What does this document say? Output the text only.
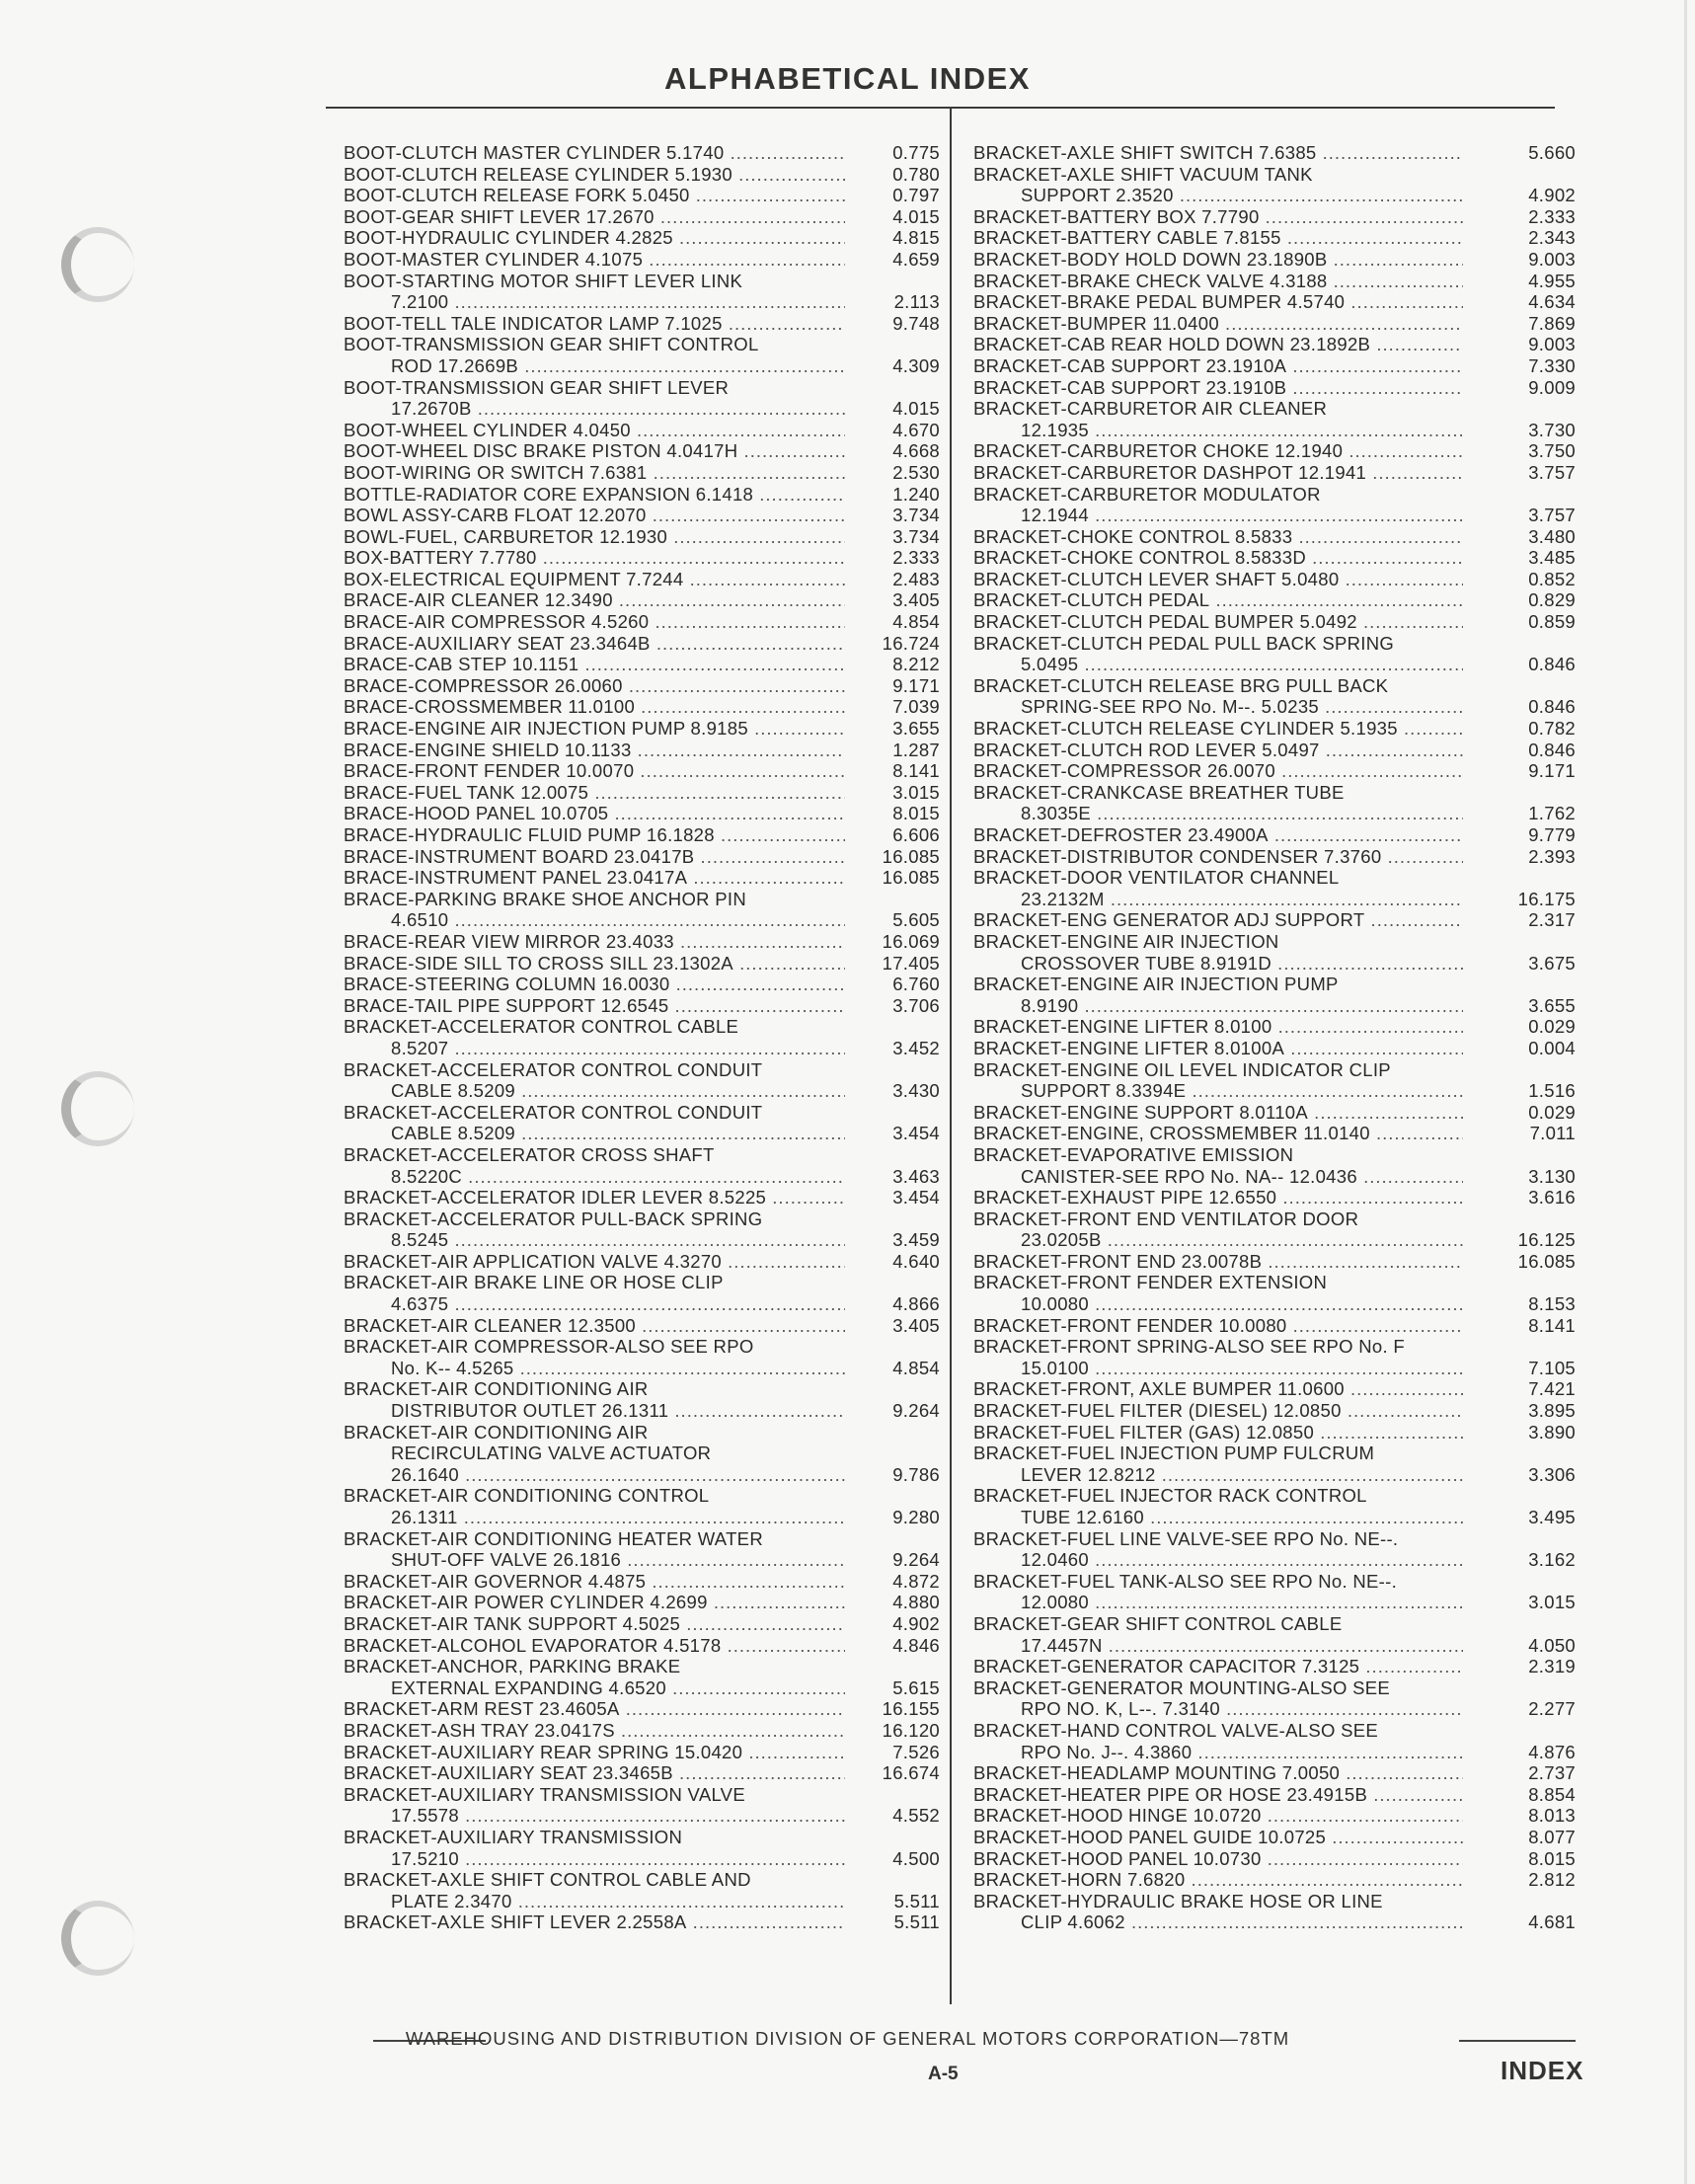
ALPHABETICAL INDEX
BOOT-CLUTCH MASTER CYLINDER 5.1740 .....	0.775
BOOT-CLUTCH RELEASE CYLINDER 5.1930 .....	0.780
BOOT-CLUTCH RELEASE FORK 5.0450 .....	0.797
BOOT-GEAR SHIFT LEVER 17.2670 .....	4.015
BOOT-HYDRAULIC CYLINDER 4.2825 .....	4.815
BOOT-MASTER CYLINDER 4.1075 .....	4.659
BOOT-STARTING MOTOR SHIFT LEVER LINK
7.2100 .....	2.113
BOOT-TELL TALE INDICATOR LAMP 7.1025 .....	9.748
BOOT-TRANSMISSION GEAR SHIFT CONTROL
ROD 17.2669B .....	4.309
BOOT-TRANSMISSION GEAR SHIFT LEVER
17.2670B .....	4.015
BOOT-WHEEL CYLINDER 4.0450 .....	4.670
BOOT-WHEEL DISC BRAKE PISTON 4.0417H .....	4.668
BOOT-WIRING OR SWITCH 7.6381 .....	2.530
BOTTLE-RADIATOR CORE EXPANSION 6.1418 .....	1.240
BOWL ASSY-CARB FLOAT 12.2070 .....	3.734
BOWL-FUEL, CARBURETOR 12.1930 .....	3.734
BOX-BATTERY 7.7780 .....	2.333
BOX-ELECTRICAL EQUIPMENT 7.7244 .....	2.483
BRACE-AIR CLEANER 12.3490 .....	3.405
BRACE-AIR COMPRESSOR 4.5260 .....	4.854
BRACE-AUXILIARY SEAT 23.3464B .....	16.724
BRACE-CAB STEP 10.1151 .....	8.212
BRACE-COMPRESSOR 26.0060 .....	9.171
BRACE-CROSSMEMBER 11.0100 .....	7.039
BRACE-ENGINE AIR INJECTION PUMP 8.9185 .....	3.655
BRACE-ENGINE SHIELD 10.1133 .....	1.287
BRACE-FRONT FENDER 10.0070 .....	8.141
BRACE-FUEL TANK 12.0075 .....	3.015
BRACE-HOOD PANEL 10.0705 .....	8.015
BRACE-HYDRAULIC FLUID PUMP 16.1828 .....	6.606
BRACE-INSTRUMENT BOARD 23.0417B .....	16.085
BRACE-INSTRUMENT PANEL 23.0417A .....	16.085
BRACE-PARKING BRAKE SHOE ANCHOR PIN
4.6510 .....	5.605
BRACE-REAR VIEW MIRROR 23.4033 .....	16.069
BRACE-SIDE SILL TO CROSS SILL 23.1302A .....	17.405
BRACE-STEERING COLUMN 16.0030 .....	6.760
BRACE-TAIL PIPE SUPPORT 12.6545 .....	3.706
BRACKET-ACCELERATOR CONTROL CABLE
8.5207 .....	3.452
BRACKET-ACCELERATOR CONTROL CONDUIT
CABLE 8.5209 .....	3.430
BRACKET-ACCELERATOR CONTROL CONDUIT
CABLE 8.5209 .....	3.454
BRACKET-ACCELERATOR CROSS SHAFT
8.5220C .....	3.463
BRACKET-ACCELERATOR IDLER LEVER 8.5225 .....	3.454
BRACKET-ACCELERATOR PULL-BACK SPRING
8.5245 .....	3.459
BRACKET-AIR APPLICATION VALVE 4.3270 .....	4.640
BRACKET-AIR BRAKE LINE OR HOSE CLIP
4.6375 .....	4.866
BRACKET-AIR CLEANER 12.3500 .....	3.405
BRACKET-AIR COMPRESSOR-ALSO SEE RPO
No. K-- 4.5265 .....	4.854
BRACKET-AIR CONDITIONING AIR
DISTRIBUTOR OUTLET 26.1311 .....	9.264
BRACKET-AIR CONDITIONING AIR
RECIRCULATING VALVE ACTUATOR
26.1640 .....	9.786
BRACKET-AIR CONDITIONING CONTROL
26.1311 .....	9.280
BRACKET-AIR CONDITIONING HEATER WATER
SHUT-OFF VALVE 26.1816 .....	9.264
BRACKET-AIR GOVERNOR 4.4875 .....	4.872
BRACKET-AIR POWER CYLINDER 4.2699 .....	4.880
BRACKET-AIR TANK SUPPORT 4.5025 .....	4.902
BRACKET-ALCOHOL EVAPORATOR 4.5178 .....	4.846
BRACKET-ANCHOR, PARKING BRAKE
EXTERNAL EXPANDING 4.6520 .....	5.615
BRACKET-ARM REST 23.4605A .....	16.155
BRACKET-ASH TRAY 23.0417S .....	16.120
BRACKET-AUXILIARY REAR SPRING 15.0420 .....	7.526
BRACKET-AUXILIARY SEAT 23.3465B .....	16.674
BRACKET-AUXILIARY TRANSMISSION VALVE
17.5578 .....	4.552
BRACKET-AUXILIARY TRANSMISSION
17.5210 .....	4.500
BRACKET-AXLE SHIFT CONTROL CABLE AND
PLATE 2.3470 .....	5.511
BRACKET-AXLE SHIFT LEVER 2.2558A .....	5.511
BRACKET-AXLE SHIFT SWITCH 7.6385 .....	5.660
BRACKET-AXLE SHIFT VACUUM TANK
SUPPORT 2.3520 .....	4.902
BRACKET-BATTERY BOX 7.7790 .....	2.333
BRACKET-BATTERY CABLE 7.8155 .....	2.343
BRACKET-BODY HOLD DOWN 23.1890B .....	9.003
BRACKET-BRAKE CHECK VALVE 4.3188 .....	4.955
BRACKET-BRAKE PEDAL BUMPER 4.5740 .....	4.634
BRACKET-BUMPER 11.0400 .....	7.869
BRACKET-CAB REAR HOLD DOWN 23.1892B .....	9.003
BRACKET-CAB SUPPORT 23.1910A .....	7.330
BRACKET-CAB SUPPORT 23.1910B .....	9.009
BRACKET-CARBURETOR AIR CLEANER
12.1935 .....	3.730
BRACKET-CARBURETOR CHOKE 12.1940 .....	3.750
BRACKET-CARBURETOR DASHPOT 12.1941 .....	3.757
BRACKET-CARBURETOR MODULATOR
12.1944 .....	3.757
BRACKET-CHOKE CONTROL 8.5833 .....	3.480
BRACKET-CHOKE CONTROL 8.5833D .....	3.485
BRACKET-CLUTCH LEVER SHAFT 5.0480 .....	0.852
BRACKET-CLUTCH PEDAL .....	0.829
BRACKET-CLUTCH PEDAL BUMPER 5.0492 .....	0.859
BRACKET-CLUTCH PEDAL PULL BACK SPRING
5.0495 .....	0.846
BRACKET-CLUTCH RELEASE BRG PULL BACK
SPRING-SEE RPO No. M--. 5.0235 .....	0.846
BRACKET-CLUTCH RELEASE CYLINDER 5.1935 .....	0.782
BRACKET-CLUTCH ROD LEVER 5.0497 .....	0.846
BRACKET-COMPRESSOR 26.0070 .....	9.171
BRACKET-CRANKCASE BREATHER TUBE
8.3035E .....	1.762
BRACKET-DEFROSTER 23.4900A .....	9.779
BRACKET-DISTRIBUTOR CONDENSER 7.3760 .....	2.393
BRACKET-DOOR VENTILATOR CHANNEL
23.2132M .....	16.175
BRACKET-ENG GENERATOR ADJ SUPPORT .....	2.317
BRACKET-ENGINE AIR INJECTION
CROSSOVER TUBE 8.9191D .....	3.675
BRACKET-ENGINE AIR INJECTION PUMP
8.9190 .....	3.655
BRACKET-ENGINE LIFTER 8.0100 .....	0.029
BRACKET-ENGINE LIFTER 8.0100A .....	0.004
BRACKET-ENGINE OIL LEVEL INDICATOR CLIP
SUPPORT 8.3394E .....	1.516
BRACKET-ENGINE SUPPORT 8.0110A .....	0.029
BRACKET-ENGINE, CROSSMEMBER 11.0140 .....	7.011
BRACKET-EVAPORATIVE EMISSION
CANISTER-SEE RPO No. NA-- 12.0436 .....	3.130
BRACKET-EXHAUST PIPE 12.6550 .....	3.616
BRACKET-FRONT END VENTILATOR DOOR
23.0205B .....	16.125
BRACKET-FRONT END 23.0078B .....	16.085
BRACKET-FRONT FENDER EXTENSION
10.0080 .....	8.153
BRACKET-FRONT FENDER 10.0080 .....	8.141
BRACKET-FRONT SPRING-ALSO SEE RPO No. F
15.0100 .....	7.105
BRACKET-FRONT, AXLE BUMPER 11.0600 .....	7.421
BRACKET-FUEL FILTER (DIESEL) 12.0850 .....	3.895
BRACKET-FUEL FILTER (GAS) 12.0850 .....	3.890
BRACKET-FUEL INJECTION PUMP FULCRUM
LEVER 12.8212 .....	3.306
BRACKET-FUEL INJECTOR RACK CONTROL
TUBE 12.6160 .....	3.495
BRACKET-FUEL LINE VALVE-SEE RPO No. NE--.
12.0460 .....	3.162
BRACKET-FUEL TANK-ALSO SEE RPO No. NE--.
12.0080 .....	3.015
BRACKET-GEAR SHIFT CONTROL CABLE
17.4457N .....	4.050
BRACKET-GENERATOR CAPACITOR 7.3125 .....	2.319
BRACKET-GENERATOR MOUNTING-ALSO SEE
RPO NO. K, L--. 7.3140 .....	2.277
BRACKET-HAND CONTROL VALVE-ALSO SEE
RPO No. J--. 4.3860 .....	4.876
BRACKET-HEADLAMP MOUNTING 7.0050 .....	2.737
BRACKET-HEATER PIPE OR HOSE 23.4915B .....	8.854
BRACKET-HOOD HINGE 10.0720 .....	8.013
BRACKET-HOOD PANEL GUIDE 10.0725 .....	8.077
BRACKET-HOOD PANEL 10.0730 .....	8.015
BRACKET-HORN 7.6820 .....	2.812
BRACKET-HYDRAULIC BRAKE HOSE OR LINE
CLIP 4.6062 .....	4.681
WAREHOUSING AND DISTRIBUTION DIVISION OF GENERAL MOTORS CORPORATION—78TM
A-5	INDEX
